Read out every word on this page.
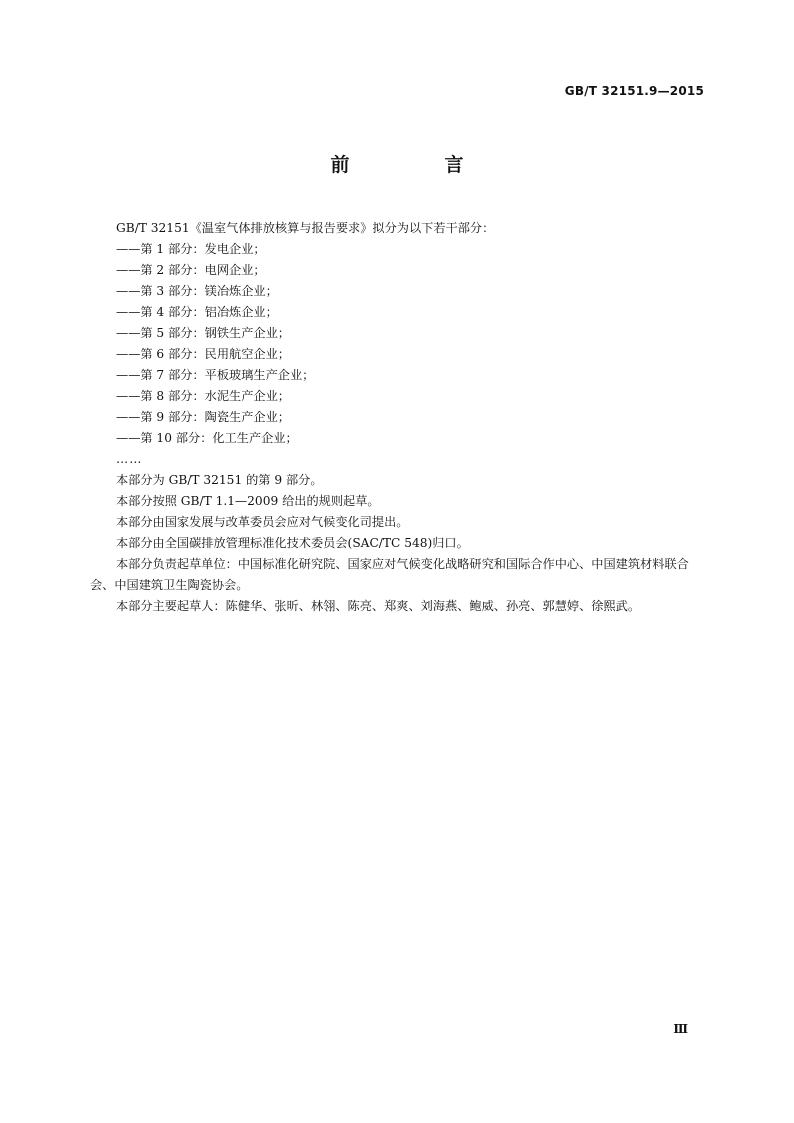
GB/T 32151.9—2015
前　言

GB/T 32151《温室气体排放核算与报告要求》拟分为以下若干部分：

——第 1 部分：发电企业；
——第 2 部分：电网企业；
——第 3 部分：镁冶炼企业；
——第 4 部分：铝冶炼企业；
——第 5 部分：钢铁生产企业；
——第 6 部分：民用航空企业；
——第 7 部分：平板玻璃生产企业；
——第 8 部分：水泥生产企业；
——第 9 部分：陶瓷生产企业；
——第 10 部分：化工生产企业；
……

本部分为 GB/T 32151 的第 9 部分。

本部分按照 GB/T 1.1—2009 给出的规则起草。

本部分由国家发展与改革委员会应对气候变化司提出。

本部分由全国碳排放管理标准化技术委员会(SAC/TC 548)归口。

本部分负责起草单位：中国标准化研究院、国家应对气候变化战略研究和国际合作中心、中国建筑材料联合会、中国建筑卫生陶瓷协会。

本部分主要起草人：陈健华、张昕、林翎、陈亮、郑爽、刘海燕、鲍威、孙亮、郭慧婷、徐熙武。

Ⅲ
